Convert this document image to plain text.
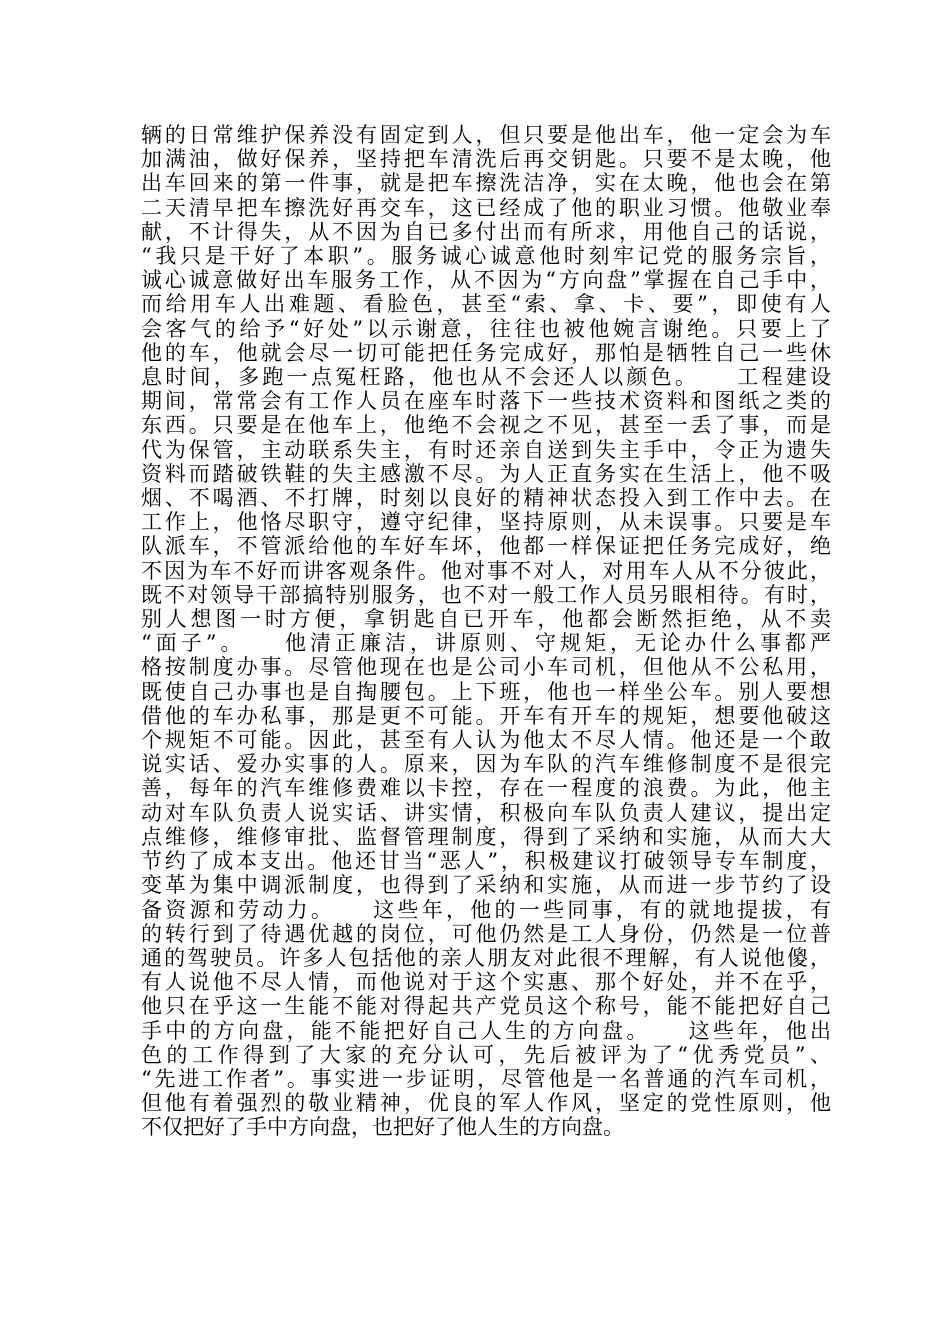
辆的日常维护保养没有固定到人，但只要是他出车，他一定会为车
加满油，做好保养，坚持把车清洗后再交钥匙。只要不是太晚，他
出车回来的第一件事，就是把车擦洗洁净，实在太晚，他也会在第
二天清早把车擦洗好再交车，这已经成了他的职业习惯。他敬业奉
献，不计得失，从不因为自已多付出而有所求，用他自己的话说，
“我只是干好了本职”。服务诚心诚意他时刻牢记党的服务宗旨，
诚心诚意做好出车服务工作，从不因为“方向盘”掌握在自己手中，
而给用车人出难题、看脸色，甚至“索、拿、卡、要”，即使有人
会客气的给予“好处”以示谢意，往往也被他婉言谢绝。只要上了
他的车，他就会尽一切可能把任务完成好，那怕是牺牲自己一些休
息时间，多跑一点冤枉路，他也从不会还人以颜色。　　工程建设
期间，常常会有工作人员在座车时落下一些技术资料和图纸之类的
东西。只要是在他车上，他绝不会视之不见，甚至一丢了事，而是
代为保管，主动联系失主，有时还亲自送到失主手中，令正为遗失
资料而踏破铁鞋的失主感激不尽。为人正直务实在生活上，他不吸
烟、不喝酒、不打牌，时刻以良好的精神状态投入到工作中去。在
工作上，他恪尽职守，遵守纪律，坚持原则，从未误事。只要是车
队派车，不管派给他的车好车坏，他都一样保证把任务完成好，绝
不因为车不好而讲客观条件。他对事不对人，对用车人从不分彼此，
既不对领导干部搞特别服务，也不对一般工作人员另眼相待。有时，
别人想图一时方便，拿钥匙自已开车，他都会断然拒绝，从不卖
“面子”。　　他清正廉洁，讲原则、守规矩，无论办什么事都严
格按制度办事。尽管他现在也是公司小车司机，但他从不公私用，
既使自己办事也是自掏腰包。上下班，他也一样坐公车。别人要想
借他的车办私事，那是更不可能。开车有开车的规矩，想要他破这
个规矩不可能。因此，甚至有人认为他太不尽人情。他还是一个敢
说实话、爱办实事的人。原来，因为车队的汽车维修制度不是很完
善，每年的汽车维修费难以卡控，存在一程度的浪费。为此，他主
动对车队负责人说实话、讲实情，积极向车队负责人建议，提出定
点维修，维修审批、监督管理制度，得到了采纳和实施，从而大大
节约了成本支出。他还甘当“恶人”，积极建议打破领导专车制度，
变革为集中调派制度，也得到了采纳和实施，从而进一步节约了设
备资源和劳动力。　　这些年，他的一些同事，有的就地提拔，有
的转行到了待遇优越的岗位，可他仍然是工人身份，仍然是一位普
通的驾驶员。许多人包括他的亲人朋友对此很不理解，有人说他傻，
有人说他不尽人情，而他说对于这个实惠、那个好处，并不在乎，
他只在乎这一生能不能对得起共产党员这个称号，能不能把好自己
手中的方向盘，能不能把好自己人生的方向盘。　　这些年，他出
色的工作得到了大家的充分认可，先后被评为了“优秀党员”、
“先进工作者”。事实进一步证明，尽管他是一名普通的汽车司机，
但他有着强烈的敬业精神，优良的军人作风，坚定的党性原则，他
不仅把好了手中方向盘，也把好了他人生的方向盘。
